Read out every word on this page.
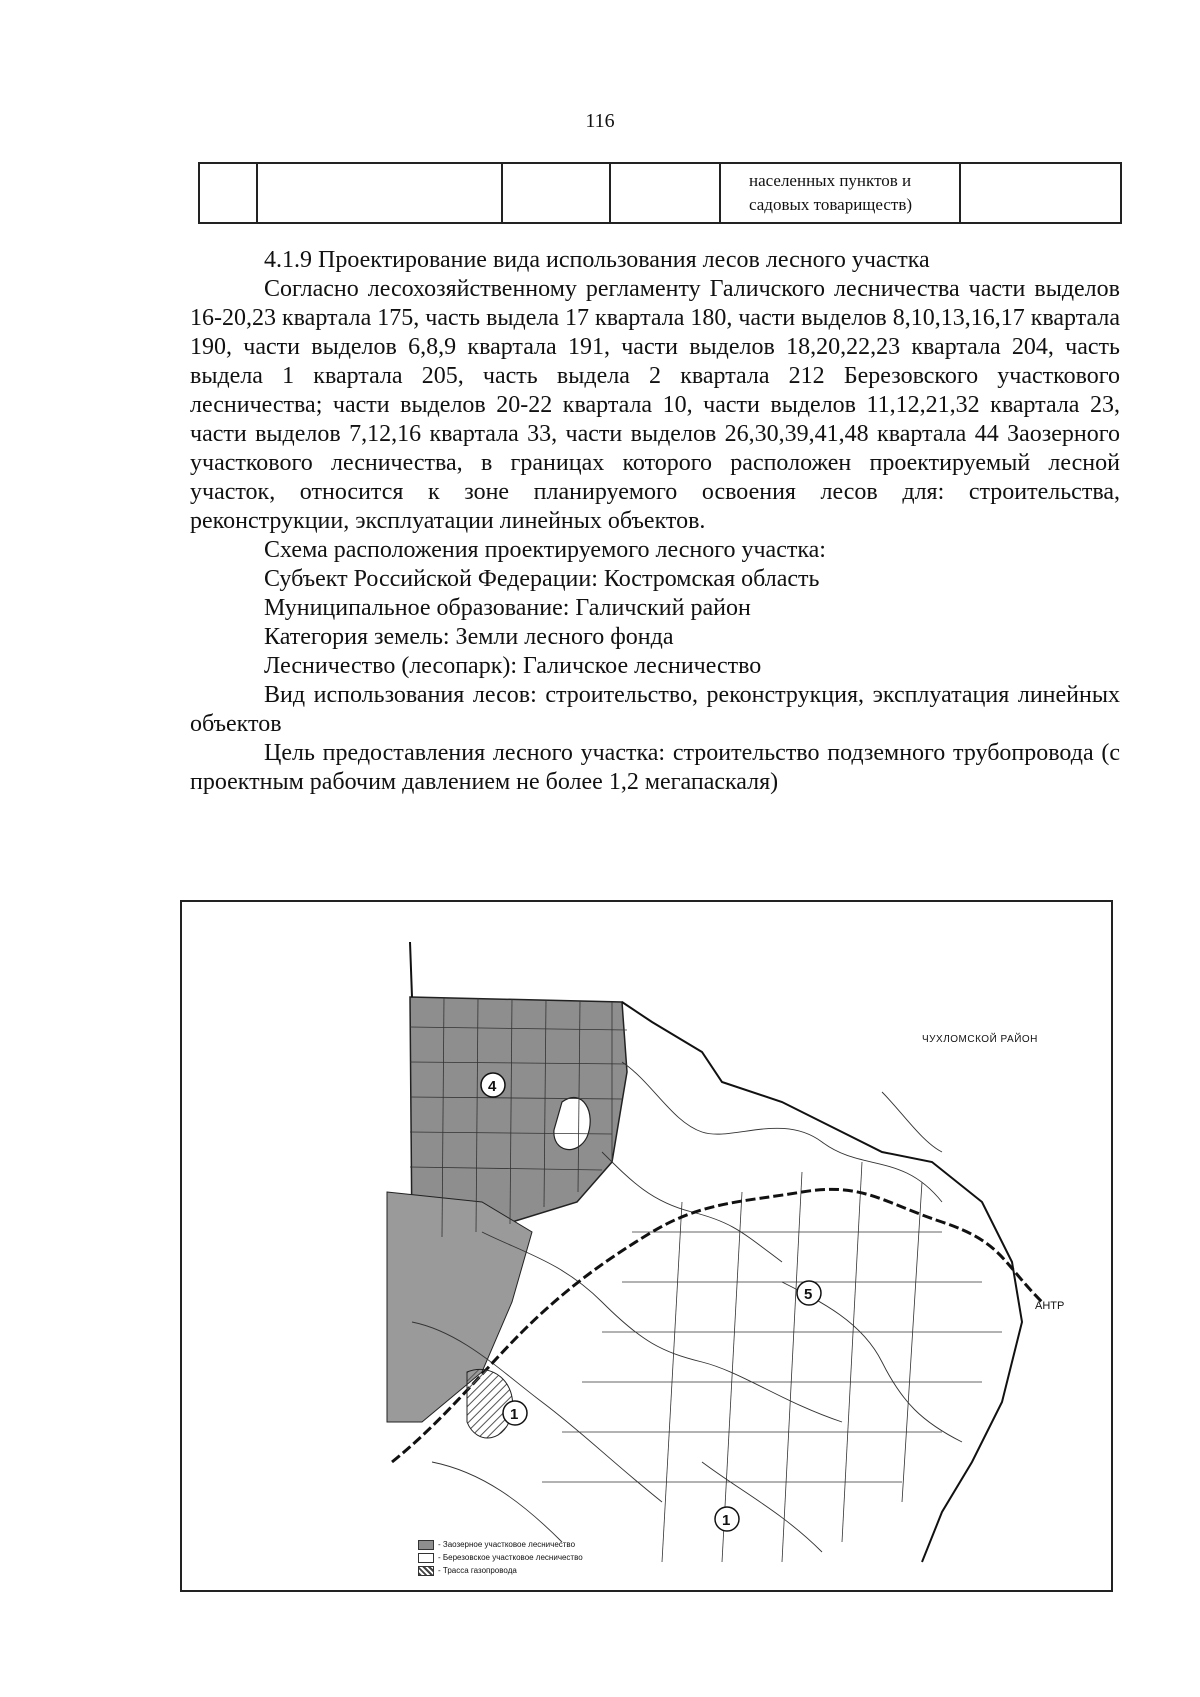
116

населенных пунктов и
садовых товариществ)

4.1.9 Проектирование вида использования лесов лесного участка

Согласно лесохозяйственному регламенту Галичского лесничества части выделов 16-20,23 квартала 175, часть выдела 17 квартала 180, части выделов 8,10,13,16,17 квартала 190, части выделов 6,8,9 квартала 191, части выделов 18,20,22,23 квартала 204, часть выдела 1 квартала 205, часть выдела 2 квартала 212 Березовского участкового лесничества; части выделов 20-22 квартала 10, части выделов 11,12,21,32 квартала 23, части выделов 7,12,16 квартала 33, части выделов 26,30,39,41,48 квартала 44 Заозерного участкового лесничества, в границах которого расположен проектируемый лесной участок, относится к зоне планируемого освоения лесов для: строительства, реконструкции, эксплуатации линейных объектов.

Схема расположения проектируемого лесного участка:

Субъект Российской Федерации: Костромская область

Муниципальное образование: Галичский район

Категория земель: Земли лесного фонда

Лесничество (лесопарк): Галичское лесничество

Вид использования лесов: строительство, реконструкция, эксплуатация линейных объектов

Цель предоставления лесного участка: строительство подземного трубопровода (с проектным рабочим давлением не более 1,2 мегапаскаля)

4
5
1
1
ЧУХЛОМСКОЙ РАЙОН
АНТР
- Заозерное участковое лесничество
- Березовское участковое лесничество
- Трасса газопровода
